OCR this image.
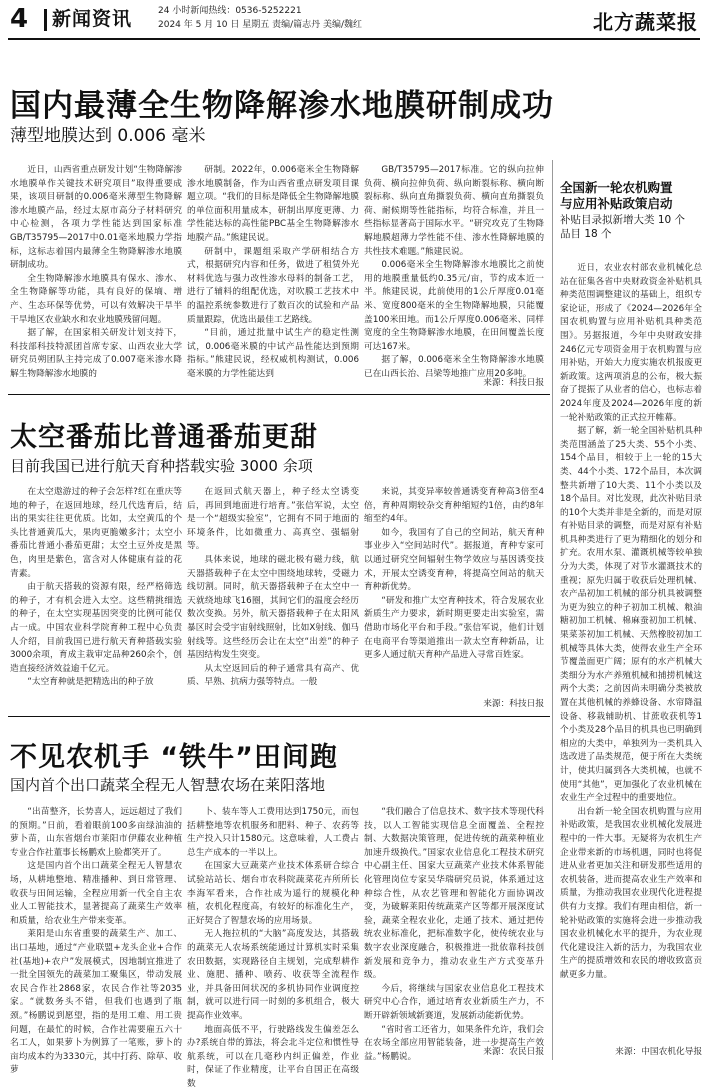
4 新闻资讯	24 小时新闻热线：0536-5252221
2024 年 5 月 10 日 星期五 责编/篇志丹 美编/魏红	北方蔬菜报
国内最薄全生物降解渗水地膜研制成功
薄型地膜达到 0.006 毫米

近日，山西省重点研发计划“生物降解渗水地膜单作关键技术研究项目”取得重要成果，该项目研制的0.006毫米薄型生物降解渗水地膜产品，经过太原市高分子材料研究中心检测，各项力学性能达到国家标准GB/T35795—2017中0.01毫米地膜力学指标，这标志着国内最薄全生物降解渗水地膜研制成功。

全生物降解渗水地膜具有保水、渗水、全生物降解等功能，具有良好的保墒、增产、生态环保等优势，可以有效解决干旱半干旱地区农业缺水和农业地膜残留问题。

据了解，在国家相关研发计划支持下，科技部科技特派团首席专家、山西农业大学研究员朔团队主持完成了0.007毫米渗水降解生物降解渗水地膜的

研制。2022年，0.006毫米全生物降解渗水地膜制备，作为山西省重点研发项目课题立项。“我们的目标是降低全生物降解地膜的单位面积用量成本，研制出厚度更薄、力学性能达标的高性能PBC基全生物降解渗水地膜产品。”熊建民说。

研制中，课题组采取产学研相结合方式，根据研究内容和任务，做进了租赁外光材料优选与强力改性渗水母料的制备工艺，进行了辅料的组配优选，对吹膜工艺技术中的温控系统参数进行了数百次的试验和产品质量跟踪，优选出最佳工艺路线。

“目前，通过批量中试生产的稳定性测试，0.006毫米膜的中试产品性能达到预期指标。”熊建民说，经权威机构测试，0.006毫米膜的力学性能达到

GB/T35795—2017标准。它的纵向拉伸负荷、横向拉伸负荷、纵向断裂标称、横向断裂标称、纵向直角撕裂负荷、横向直角撕裂负荷、耐候期等性能指标，均符合标准，并且一些指标显著高于国际水平。“研究攻克了生物降解地膜超薄力学性能不佳、渗水性降解地膜的共性技术难题。”熊建民说。

0.006毫米全生物降解渗水地膜比之前使用的地膜重量低约0.35元/亩，节约成本近一半。熊建民说，此前使用的1公斤厚度0.01毫米、宽度800毫米的全生物降解地膜，只能覆盖100米田地。而1公斤厚度0.006毫米、同样宽度的全生物降解渗水地膜，在田间覆盖长度可达167米。

据了解，0.006毫米全生物降解渗水地膜已在山西长治、吕梁等地推广应用20多吨。

来源：科技日报
太空番茄比普通番茄更甜
目前我国已进行航天育种搭载实验 3000 余项

在太空遨游过的种子会怎样?红在重庆等地的种子，在返回地球，经几代选育后，结出的果实往往更优质。比如，太空黄瓜的个头比普通黄瓜大，果肉更脆嫩多汁；太空小番茄比普通小番茄更甜；太空土豆外皮是黑色，肉里是紫色，富含对人体健康有益的花青素。

由于航天搭载的资源有限，经严格筛选的种子，才有机会进入太空。这些精挑细选的种子，在太空实现基因突变的比例可能仅占一成。中国农业科学院育种工程中心负责人介绍，目前我国已进行航天育种搭载实验3000余项，育成主栽审定品种260余个，创造直接经济效益逾千亿元。

“太空育种就是把精选出的种子放

在返回式航天器上，种子经太空诱变后，再回到地面进行培育。”张信军说，太空是一个“超级实验室”，它拥有不同于地面的环境条件，比如微重力、高真空、强辐射等。

具体来说，地球的磁北极有磁力线，航天器搭载种子在太空中围绕地球转，受磁力线切割。同时，航天器搭载种子在太空中一天就绕地球飞16圈，其间它们的温度会经历数次变换。另外，航天器搭载种子在太阳风暴区时会受宇宙射线照射，比如X射线、伽马射线等。这些经历会让在太空“出差”的种子基因结构发生突变。

从太空返回后的种子通常具有高产、优质、早熟、抗病力强等特点。一般

来说，其变异率较普通诱变育种高3倍至4倍，育种周期较杂交育种缩短约1倍，由约8年缩至约4年。

如今，我国有了自己的空间站，航天育种事业步入“空间站时代”。据报道，育种专家可以通过研究空间辐射生物学效应与基因诱变技术，开展太空诱变育种，将提高空间站的航天育种新优势。

“研发和推广太空育种技术，符合发展农业新质生产力要求，新时期更要走出实验室，需借助市场化平台和手段。”张信军说，他们计划在电商平台等渠道推出一款太空育种新品，让更多人通过航天育种产品进入寻常百姓家。

来源：科技日报
不见农机手 “铁牛”田间跑
国内首个出口蔬菜全程无人智慧农场在莱阳落地

“出苗整齐，长势喜人，远远超过了我们的预期。”日前，看着眼前100多亩绿油油的萝卜苗，山东省烟台市莱阳市伊藤农业种植专业合作社董事长杨鹏欢上脸都笑开了。

这是国内首个出口蔬菜全程无人智慧农场，从耕地整地、精准播种、到日常管理、收获与田间运输，全程应用新一代全自主农业人工智能技术，显著提高了蔬菜生产效率和质量，给农业生产带来变革。

莱阳是山东省重要的蔬菜生产、加工、出口基地，通过“产业联盟+龙头企业+合作社(基地)+农户”发展模式，因地制宜推进了一批全国领先的蔬菜加工聚集区，带动发展农民合作社2868家，农民合作社等2035家。“就数务头不错，但我们也遇到了瓶颈。”杨鹏说到愿望，指的是用工难、用工贵问题，在最忙的时候，合作社需要雇五六十名工人，如果萝卜为例算了一笔账，萝卜的亩均成本约为3330元，其中打药、除草、收萝

卜、装车等人工费用达到1750元，而包括耕整地等农机服务和肥料、种子、农药等生产投入只计1580元。这意味着，人工费占总生产成本的一半以上。

在国家大豆蔬菜产业技术体系研合综合试验站站长、烟台市农科院蔬菜花卉所所长李海军看来，合作社成为遥行的规模化种植，农机化程度高，有较好的标准化生产，正好契合了智慧农场的应用场景。

无人拖拉机的“大脑”高度发达，其搭载的蔬菜无人农场系统能通过计算机实时采集农田数据，实现路径自主规划，完成犁耕作业、施肥、播种、喷药、收获等全流程作业，并具备田间状况的多机协同作业调度控制，就可以进行同一时刻的多机组合，极大提高作业效率。

地面高低不平，行驶路线发生偏差怎么办?系统自带的算法，将会北斗定位和惯性导航系统，可以在几毫秒内纠正偏差，作业时，保证了作业精度，让平台自国正在高级数

“我们融合了信息技术、数字技术等现代科技，以人工智能实现信息全面覆盖、全程控制、大数据决策管理，促进传统的蔬菜种植业加速升级换代。”国家农业信息化工程技术研究中心副主任、国家大豆蔬菜产业技术体系智能化管理岗位专家吴华瑞研究员说，体系通过这种综合性，从农艺管理和智能化方面协调改变，为破解莱阳传统蔬菜产区等都开展深度试验，蔬菜全程农业化，走通了技术、通过把传统农业标准化，把标准数字化，使传统农业与数字农业深度融合，积极推进一批依靠科技创新发展和竞争力，推动农业生产方式变革升级。

今后，将继续与国家农业信息化工程技术研究中心合作，通过培育农业新质生产力，不断开辟新领域新赛道，发展新动能新优势。

“省时省工还省力，如果条件允许，我们会在农场全部应用智能装备，进一步提高生产效益。”杨鹏说。	来源：农民日报
全国新一轮农机购置
与应用补贴政策启动
补贴目录拟新增大类 10 个
品目 18 个

近日，农业农村部农业机械化总站在征集各省中央财政资金补贴机具种类范围调整建议的基础上，组织专家论证，形成了《2024—2026年全国农机购置与应用补贴机具种类范围》。另据报道，今年中央财政安排246亿元专项资金用于农机购置与应用补贴，开始大力度实施农机报废更新政策。这两项消息的公布，极大振奋了提振了从业者的信心，也标志着2024年度及2024—2026年度的新一轮补贴政策的正式拉开帷幕。

据了解，新一轮全国补贴机具种类范围涵盖了25大类、55个小类、154个品目，相较于上一轮的15大类、44个小类、172个品目，本次调整共新增了10大类、11个小类以及18个品目。对比发现，此次补贴目录的10个大类并非是全新的，而是对原有补贴目录的调整，而是对原有补贴机具种类进行了更为精细化的划分和扩充。农用水泵、灌溉机械等较单独分为大类，体现了对节水灌溉技术的重视；原先归属于收获后处理机械、农产品初加工机械的部分机具被调整为更为独立的种子初加工机械、粮油糖初加工机械、棉麻蚕初加工机械、果菜茶初加工机械、天然橡胶初加工机械等具体大类，使得农业生产全环节覆盖面更广阔；原有的水产机械大类细分为水产养殖机械和捕捞机械这两个大类；之前因尚未明确分类被放置在其他机械的养蜂设备、水帘降温设备、移栽辅助机、甘蔗收获机等1个小类及28个品目的机具也已明确到相应的大类中，单独列为一类机具入选改进了品类规范，便于所在大类统计，使其归属到各大类机械，也就不使用“其他”，更加强化了农业机械在农业生产全过程中的重要地位。

出台新一轮全国农机购置与应用补贴政策，是我国农业机械化发展进程中的一件大事。无疑将为农机生产企业带来新的市场机遇，同时也将促进从业者更加关注和研发那些适用的农机装备，进而提高农业生产效率和质量，为推动我国农业现代化进程提供有力支撑。我们有理由相信，新一轮补贴政策的实施将会进一步推动我国农业机械化水平的提升，为农业现代化建设注入新的活力，为我国农业生产的提质增效和农民的增收致富贡献更多力量。

来源：中国农机化导报
